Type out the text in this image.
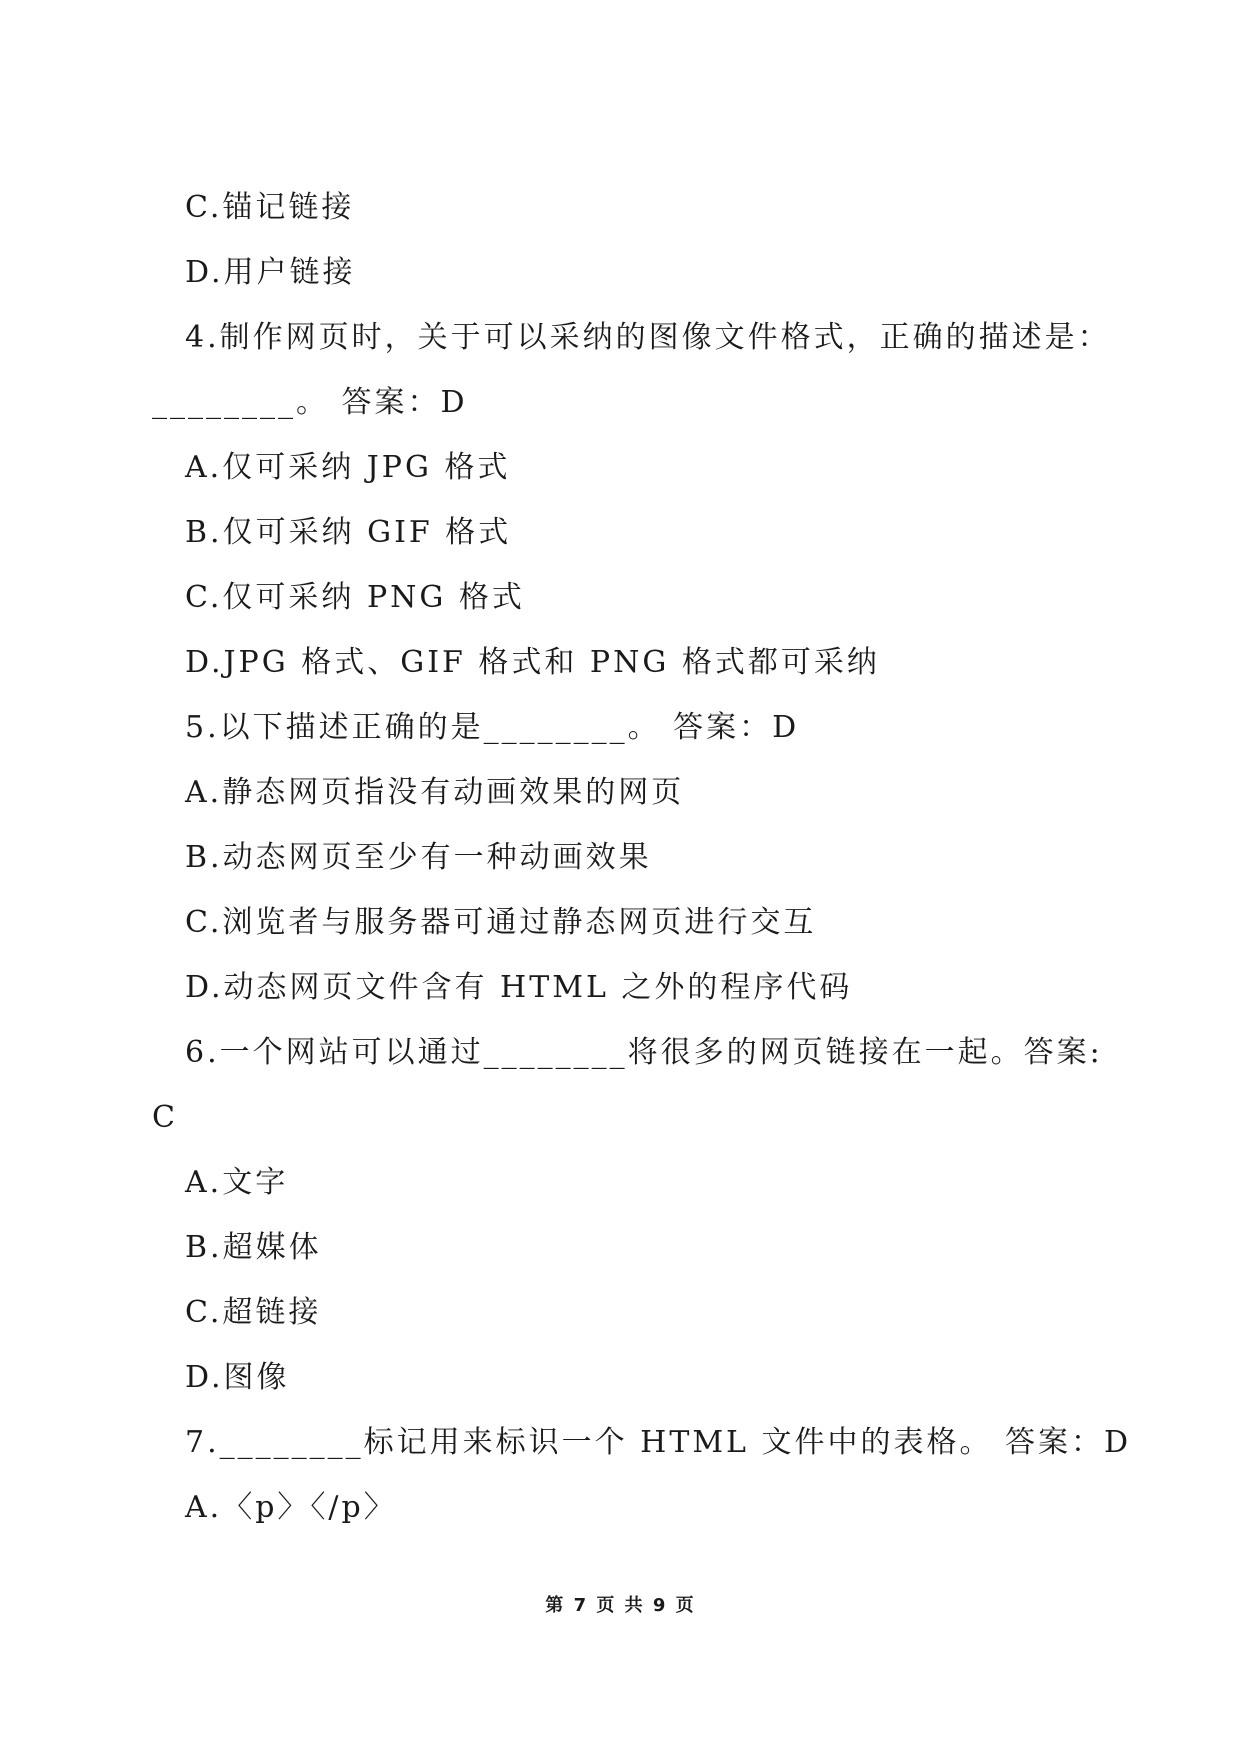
C.锚记链接
D.用户链接
4.制作网页时，关于可以采纳的图像文件格式，正确的描述是：
________。 答案：D
A.仅可采纳 JPG 格式
B.仅可采纳 GIF 格式
C.仅可采纳 PNG 格式
D.JPG 格式、GIF 格式和 PNG 格式都可采纳
5.以下描述正确的是________。 答案：D
A.静态网页指没有动画效果的网页
B.动态网页至少有一种动画效果
C.浏览者与服务器可通过静态网页进行交互
D.动态网页文件含有 HTML 之外的程序代码
6.一个网站可以通过________将很多的网页链接在一起。答案:
C
A.文字
B.超媒体
C.超链接
D.图像
7.________标记用来标识一个 HTML 文件中的表格。 答案：D
A.〈p〉〈/p〉
第 7 页 共 9 页
